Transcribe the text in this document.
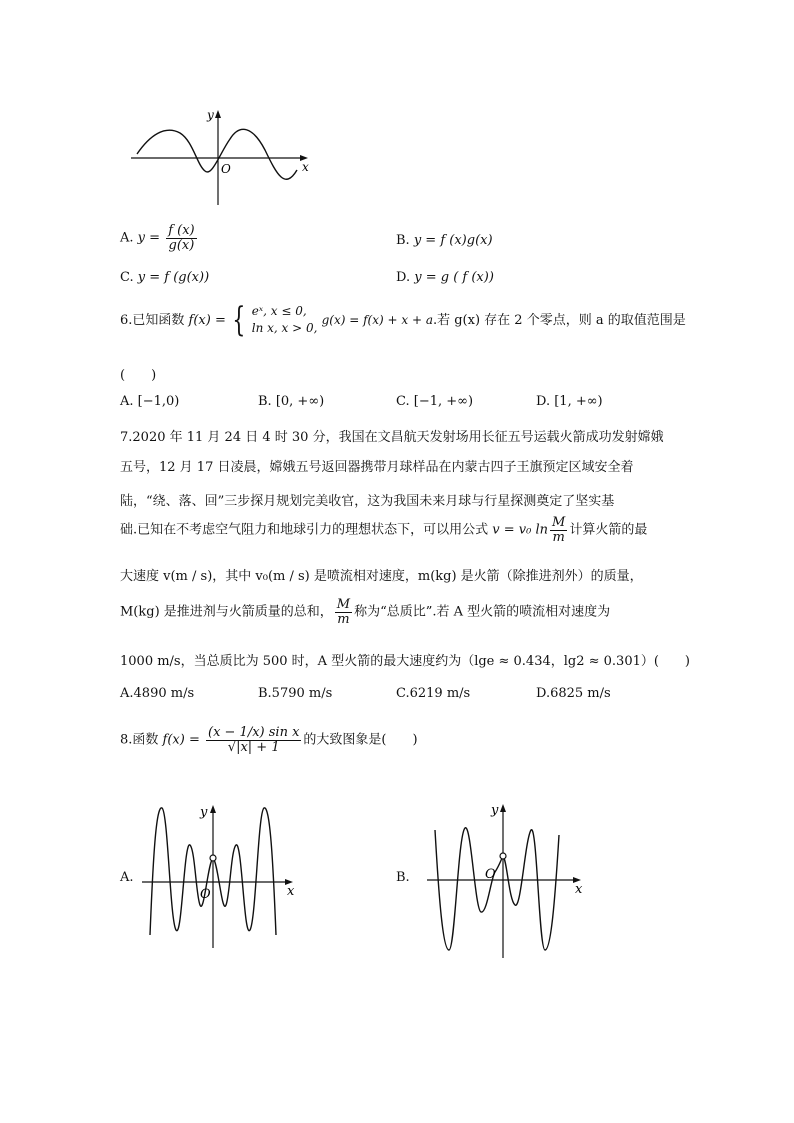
x
y
O
A. $y = \frac{f (x)}{g(x)}$	B. y = f (x)g(x)
C. y = f (g(x))	D. y = g ( f (x))
6.已知函数 f(x) = { eˣ, x ≤ 0,
ln x, x > 0,
g(x) = f(x) + x + a.若 g(x) 存在 2 个零点，则 a 的取值范围是
(　　)
A. [−1,0)	B. [0, +∞)	C. [−1, +∞)	D. [1, +∞)
7.2020 年 11 月 24 日 4 时 30 分，我国在文昌航天发射场用长征五号运载火箭成功发射嫦娥
五号，12 月 17 日凌晨，嫦娥五号返回器携带月球样品在内蒙古四子王旗预定区域安全着
陆，“绕、落、回”三步探月规划完美收官，这为我国未来月球与行星探测奠定了坚实基
础.已知在不考虑空气阻力和地球引力的理想状态下，可以用公式 v = v₀ $\ln \frac{M}{m}$ 计算火箭的最
大速度 v(m / s)，其中 v₀(m / s) 是喷流相对速度，m(kg) 是火箭（除推进剂外）的质量，
M(kg) 是推进剂与火箭质量的总和， $\frac{M}{m}$ 称为“总质比”.若 A 型火箭的喷流相对速度为
1000 m/s，当总质比为 500 时，A 型火箭的最大速度约为（lge ≈ 0.434，lg2 ≈ 0.301）(　　)
A.4890 m/s	B.5790 m/s	C.6219 m/s	D.6825 m/s
8.函数 $f(x) = \frac{\text{(x − 1/x) sin x}}{√|x| + 1}$ 的大致图象是(　　)
A.
x
y
O
B.
x
y
O
